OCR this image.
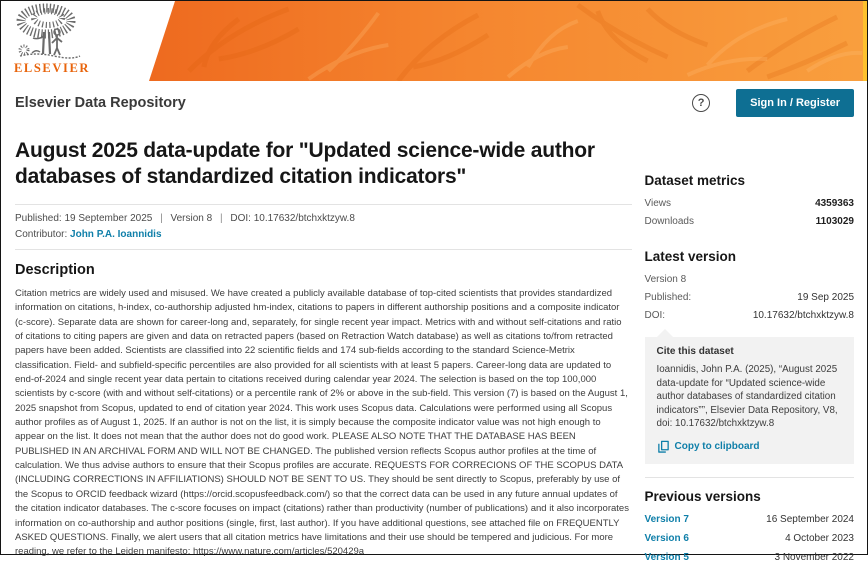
ELSEVIER
Elsevier Data Repository	?	Sign In / Register
August 2025 data-update for "Updated science-wide author databases of standardized citation indicators"
Published: 19 September 2025 | Version 8 | DOI: 10.17632/btchxktzyw.8
Contributor: John P.A. Ioannidis
Description

Citation metrics are widely used and misused. We have created a publicly available database of top-cited scientists that provides standardized information on citations, h-index, co-authorship adjusted hm-index, citations to papers in different authorship positions and a composite indicator (c-score). Separate data are shown for career-long and, separately, for single recent year impact. Metrics with and without self-citations and ratio of citations to citing papers are given and data on retracted papers (based on Retraction Watch database) as well as citations to/from retracted papers have been added. Scientists are classified into 22 scientific fields and 174 sub-fields according to the standard Science-Metrix classification. Field- and subfield-specific percentiles are also provided for all scientists with at least 5 papers. Career-long data are updated to end-of-2024 and single recent year data pertain to citations received during calendar year 2024. The selection is based on the top 100,000 scientists by c-score (with and without self-citations) or a percentile rank of 2% or above in the sub-field. This version (7) is based on the August 1, 2025 snapshot from Scopus, updated to end of citation year 2024. This work uses Scopus data. Calculations were performed using all Scopus author profiles as of August 1, 2025. If an author is not on the list, it is simply because the composite indicator value was not high enough to appear on the list. It does not mean that the author does not do good work. PLEASE ALSO NOTE THAT THE DATABASE HAS BEEN PUBLISHED IN AN ARCHIVAL FORM AND WILL NOT BE CHANGED. The published version reflects Scopus author profiles at the time of calculation. We thus advise authors to ensure that their Scopus profiles are accurate. REQUESTS FOR CORRECIONS OF THE SCOPUS DATA (INCLUDING CORRECTIONS IN AFFILIATIONS) SHOULD NOT BE SENT TO US. They should be sent directly to Scopus, preferably by use of the Scopus to ORCID feedback wizard (https://orcid.scopusfeedback.com/) so that the correct data can be used in any future annual updates of the citation indicator databases. The c-score focuses on impact (citations) rather than productivity (number of publications) and it also incorporates information on co-authorship and author positions (single, first, last author). If you have additional questions, see attached file on FREQUENTLY ASKED QUESTIONS. Finally, we alert users that all citation metrics have limitations and their use should be tempered and judicious. For more reading, we refer to the Leiden manifesto: https://www.nature.com/articles/520429a

Dataset metrics
Views	4359363
Downloads	1103029
Latest version
Version 8
Published:	19 Sep 2025
DOI:	10.17632/btchxktzyw.8
Cite this dataset
Ioannidis, John P.A. (2025), “August 2025 data-update for “Updated science-wide author databases of standardized citation indicators””, Elsevier Data Repository, V8, doi: 10.17632/btchxktzyw.8
Copy to clipboard
Previous versions
Version 7	16 September 2024
Version 6	4 October 2023
Version 5	3 November 2022
